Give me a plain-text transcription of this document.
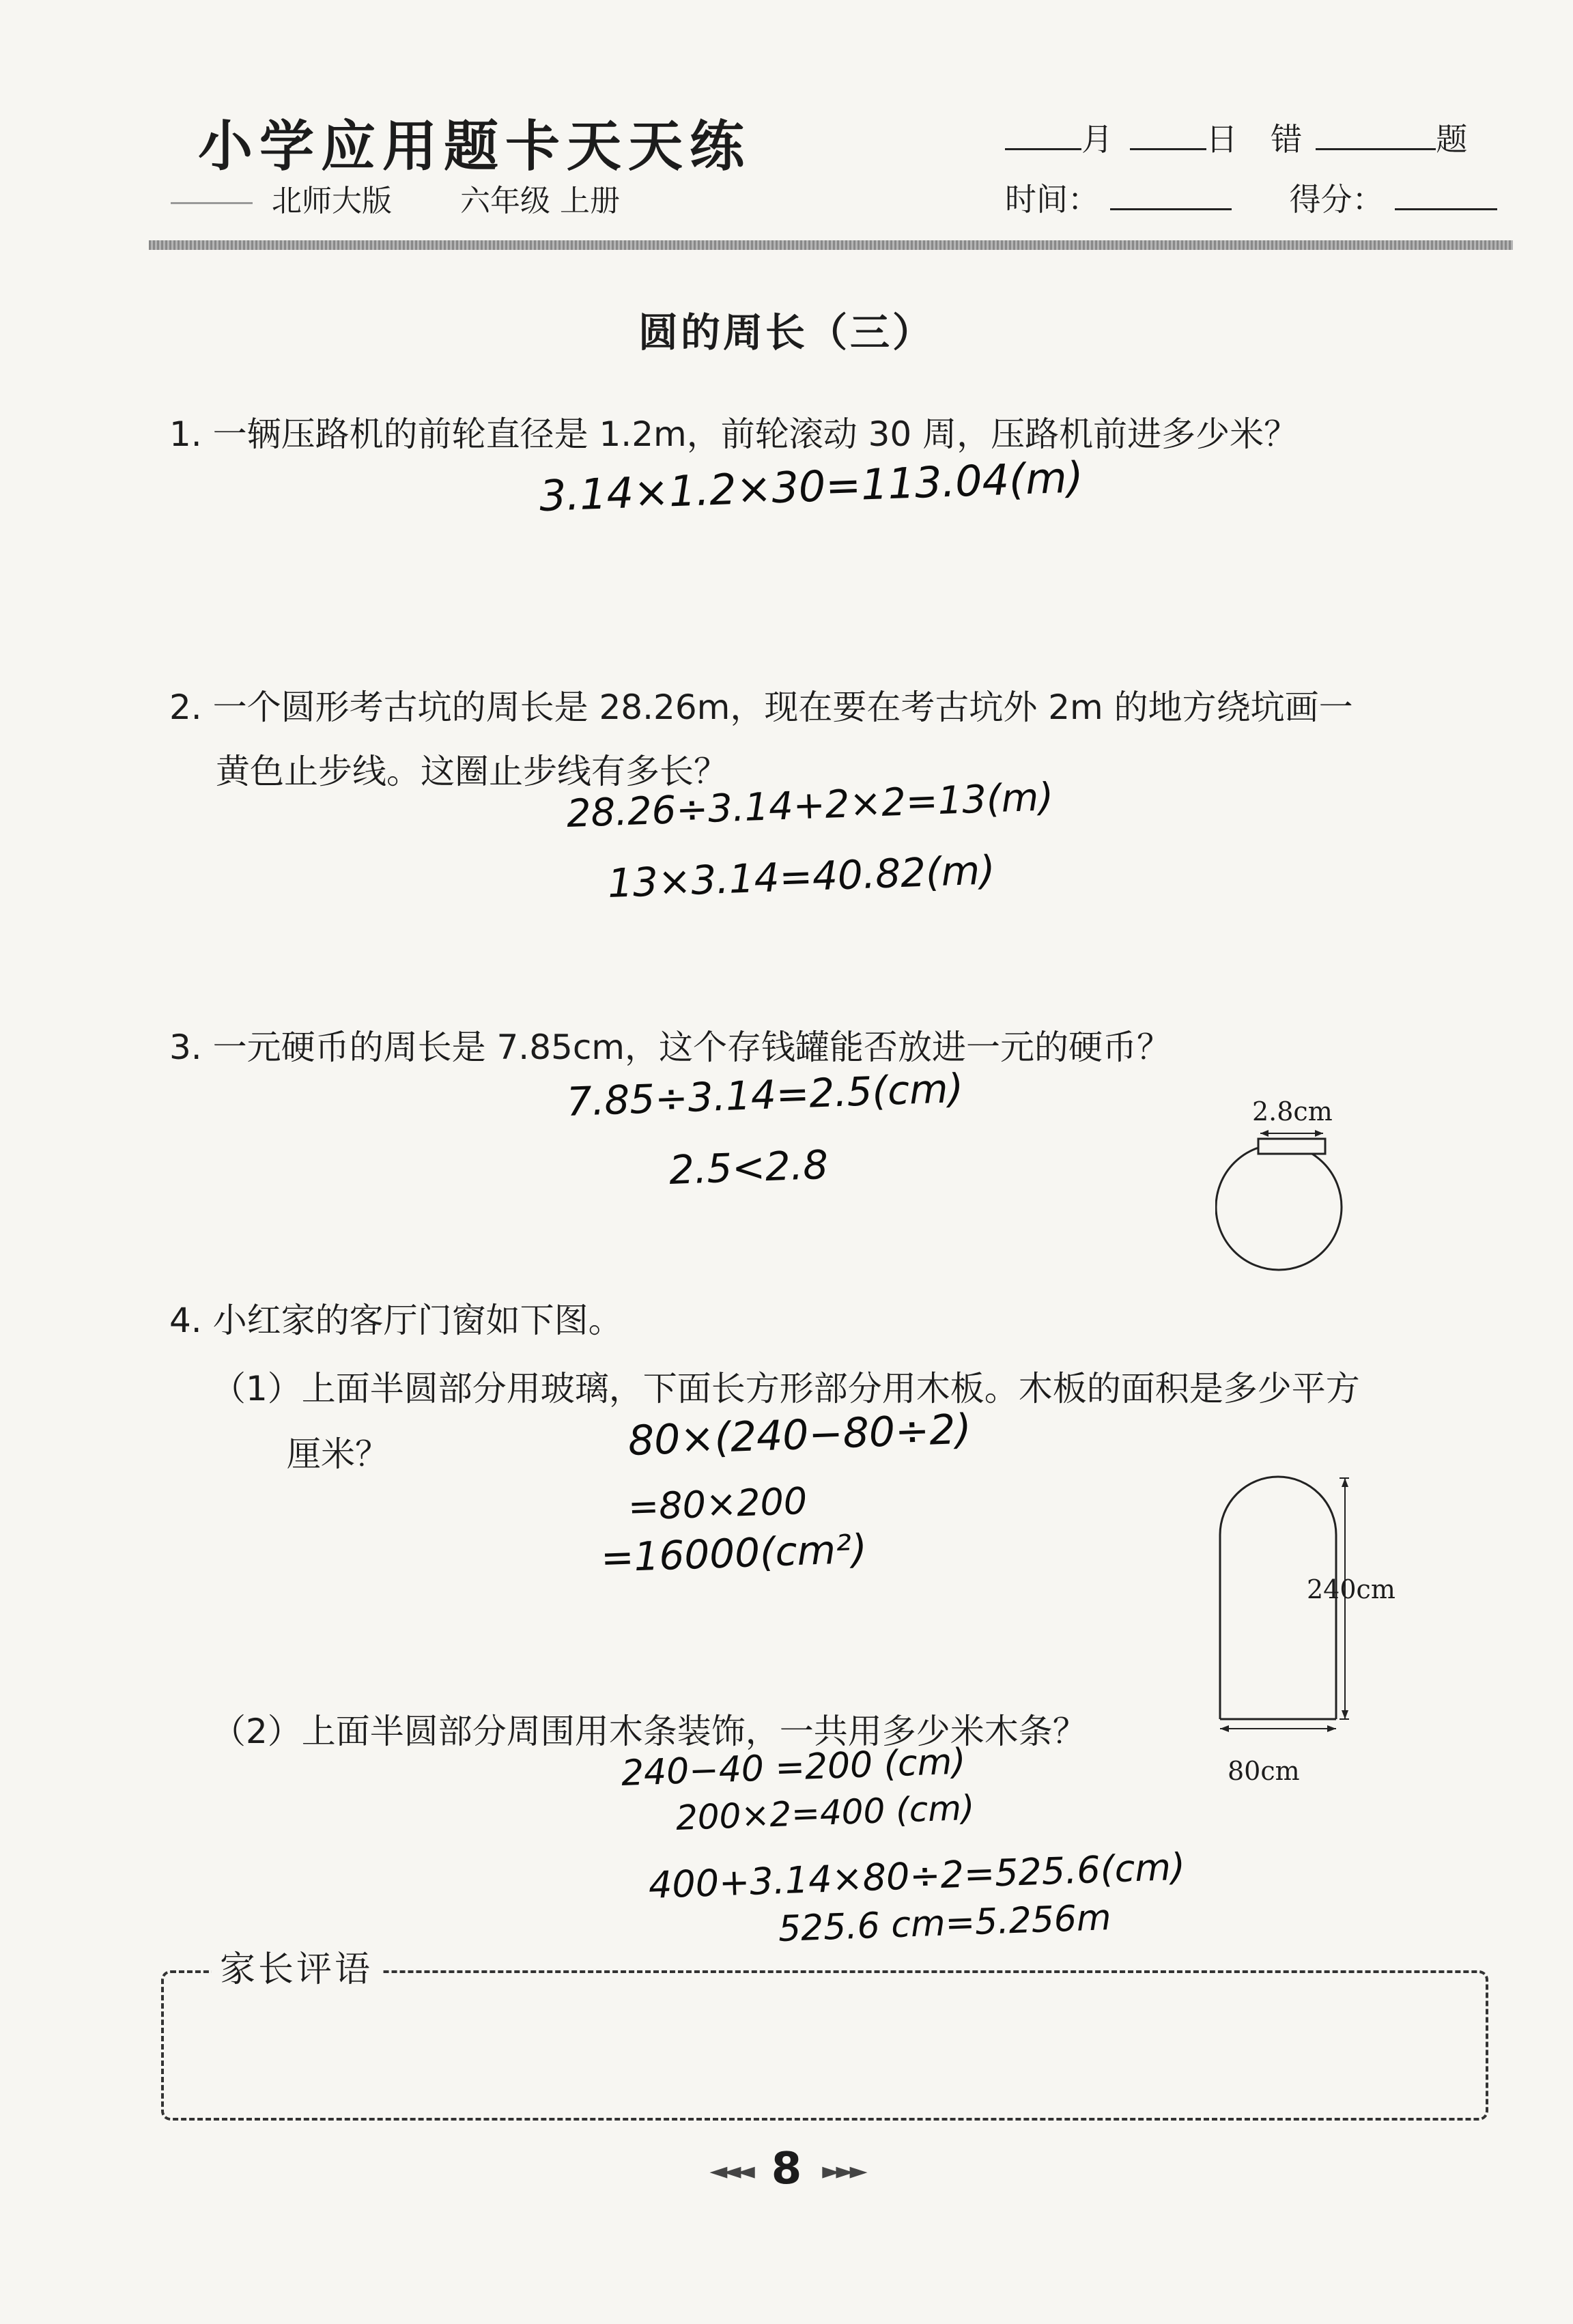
小学应用题卡天天练
北师大版 六年级 上册
月	日 错	题
时间：	得分：
圆的周长（三）
1. 一辆压路机的前轮直径是 1.2m，前轮滚动 30 周，压路机前进多少米？
3.14×1.2×30=113.04(m)
2. 一个圆形考古坑的周长是 28.26m，现在要在考古坑外 2m 的地方绕坑画一
黄色止步线。这圈止步线有多长？
28.26÷3.14+2×2=13(m)
13×3.14=40.82(m)
3. 一元硬币的周长是 7.85cm，这个存钱罐能否放进一元的硬币？
7.85÷3.14=2.5(cm)
2.5<2.8
2.8cm
4. 小红家的客厅门窗如下图。
（1）上面半圆部分用玻璃，下面长方形部分用木板。木板的面积是多少平方
厘米？	80×(240−80÷2)
=80×200
=16000(cm²)
（2）上面半圆部分周围用木条装饰，一共用多少米木条？
240−40 =200 (cm)
200×2=400 (cm)
400+3.14×80÷2=525.6(cm)
525.6 cm=5.256m
240cm
80cm
家长评语
◄◄◄ 8 ►►►
